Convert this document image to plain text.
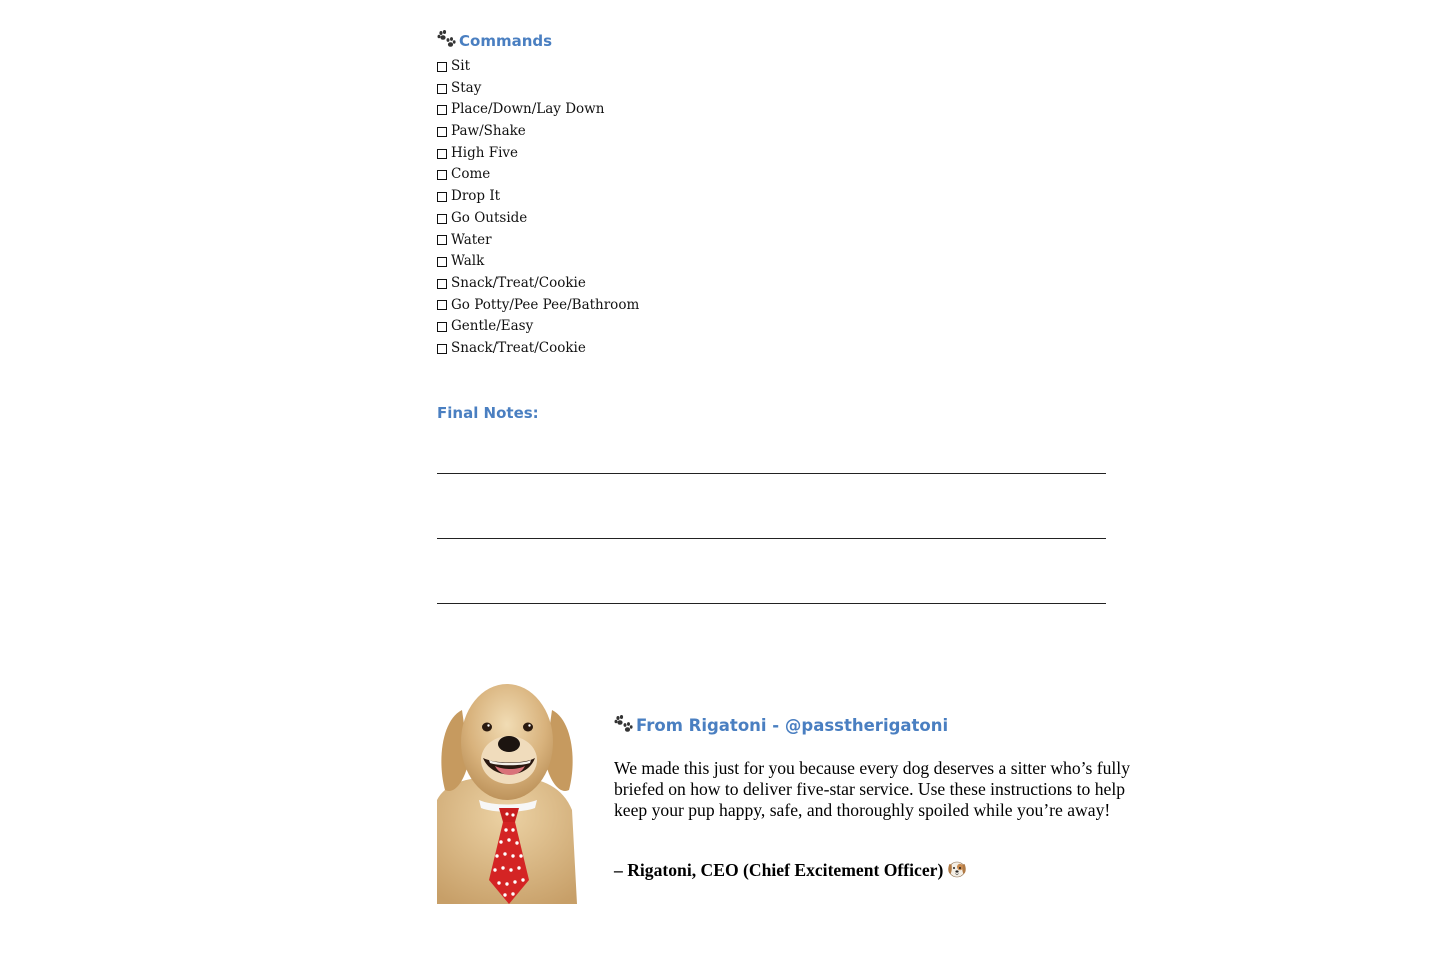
Commands
Sit
Stay
Place/Down/Lay Down
Paw/Shake
High Five
Come
Drop It
Go Outside
Water
Walk
Snack/Treat/Cookie
Go Potty/Pee Pee/Bathroom
Gentle/Easy
Snack/Treat/Cookie
Final Notes:
From Rigatoni - @passtherigatoni
We made this just for you because every dog deserves a sitter who’s fully briefed on how to deliver five-star service. Use these instructions to help keep your pup happy, safe, and thoroughly spoiled while you’re away!
– Rigatoni, CEO (Chief Excitement Officer)
